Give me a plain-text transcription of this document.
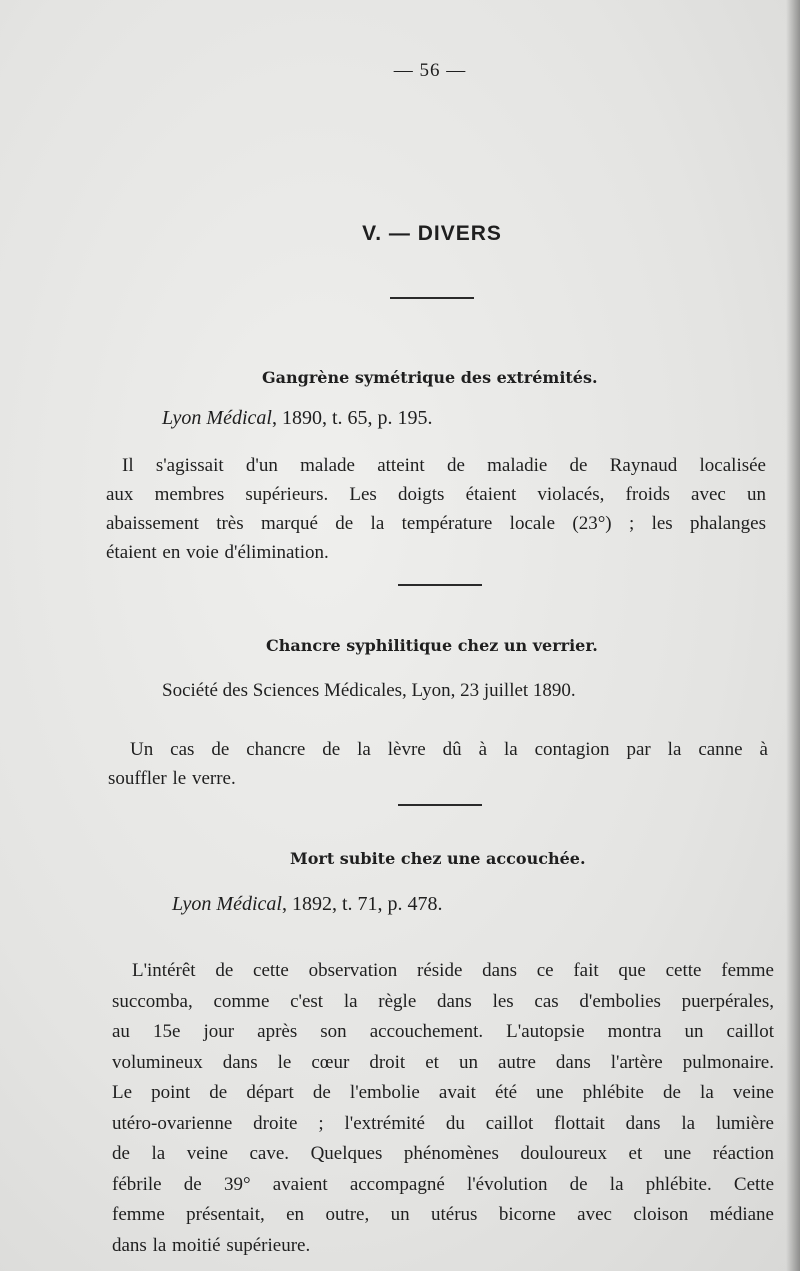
— 56 —
V. — DIVERS
Gangrène symétrique des extrémités.
Lyon Médical, 1890, t. 65, p. 195.
Il s'agissait d'un malade atteint de maladie de Raynaud localisée
aux membres supérieurs. Les doigts étaient violacés, froids avec un
abaissement très marqué de la température locale (23°) ; les phalanges
étaient en voie d'élimination.
Chancre syphilitique chez un verrier.
Société des Sciences Médicales, Lyon, 23 juillet 1890.
Un cas de chancre de la lèvre dû à la contagion par la canne à
souffler le verre.
Mort subite chez une accouchée.
Lyon Médical, 1892, t. 71, p. 478.
L'intérêt de cette observation réside dans ce fait que cette femme
succomba, comme c'est la règle dans les cas d'embolies puerpérales,
au 15e jour après son accouchement. L'autopsie montra un caillot
volumineux dans le cœur droit et un autre dans l'artère pulmonaire.
Le point de départ de l'embolie avait été une phlébite de la veine
utéro-ovarienne droite ; l'extrémité du caillot flottait dans la lumière
de la veine cave. Quelques phénomènes douloureux et une réaction
fébrile de 39° avaient accompagné l'évolution de la phlébite. Cette
femme présentait, en outre, un utérus bicorne avec cloison médiane
dans la moitié supérieure.
